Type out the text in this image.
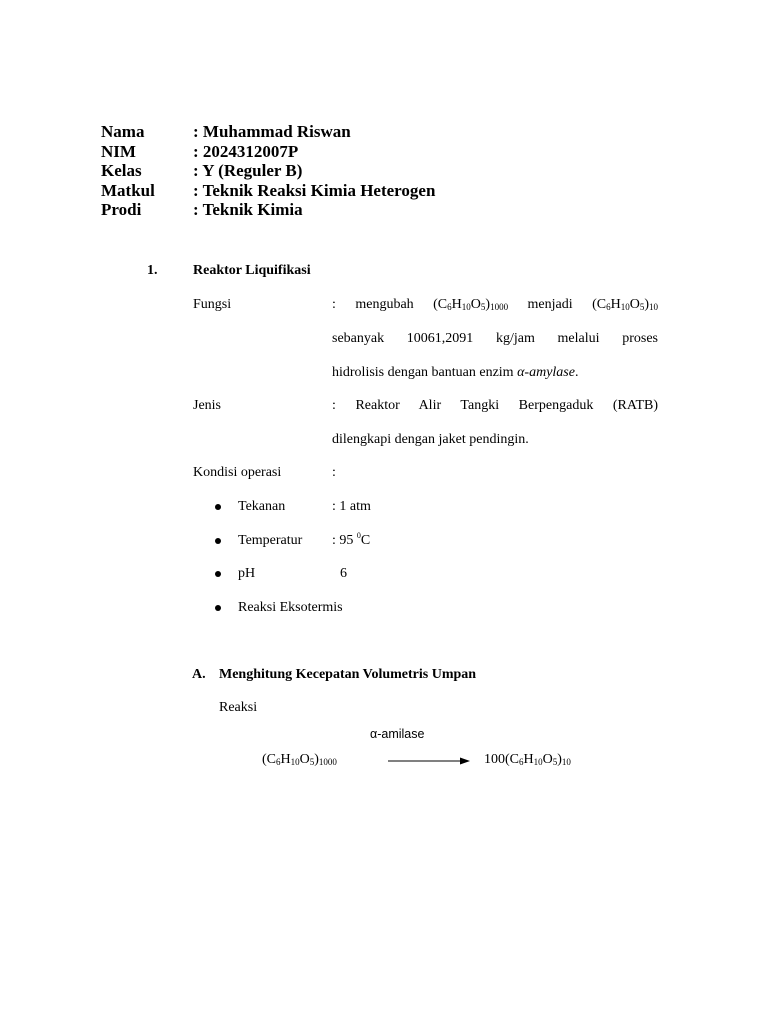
Nama	: Muhammad Riswan
NIM	: 2024312007P
Kelas	: Y (Reguler B)
Matkul : Teknik Reaksi Kimia Heterogen
Prodi	: Teknik Kimia
1.	Reaktor Liquifikasi
Fungsi	: mengubah $(C_6H_{10}O_5)_{1000}$ menjadi $(C_6H_{10}O_5)_{10}$
sebanyak 10061,2091 kg/jam melalui proses
hidrolisis dengan bantuan enzim α-amylase.
Jenis	: Reaktor Alir Tangki Berpengaduk (RATB)
dilengkapi dengan jaket pendingin.
Kondisi operasi	:
Tekanan	: 1 atm
Temperatur : 95 $^0$C
pH	6
Reaksi Eksotermis
A. Menghitung Kecepatan Volumetris Umpan
Reaksi
α-amilase
$(C_6H_{10}O_5)_{1000}$	$100(C_6H_{10}O_5)_{10}$
